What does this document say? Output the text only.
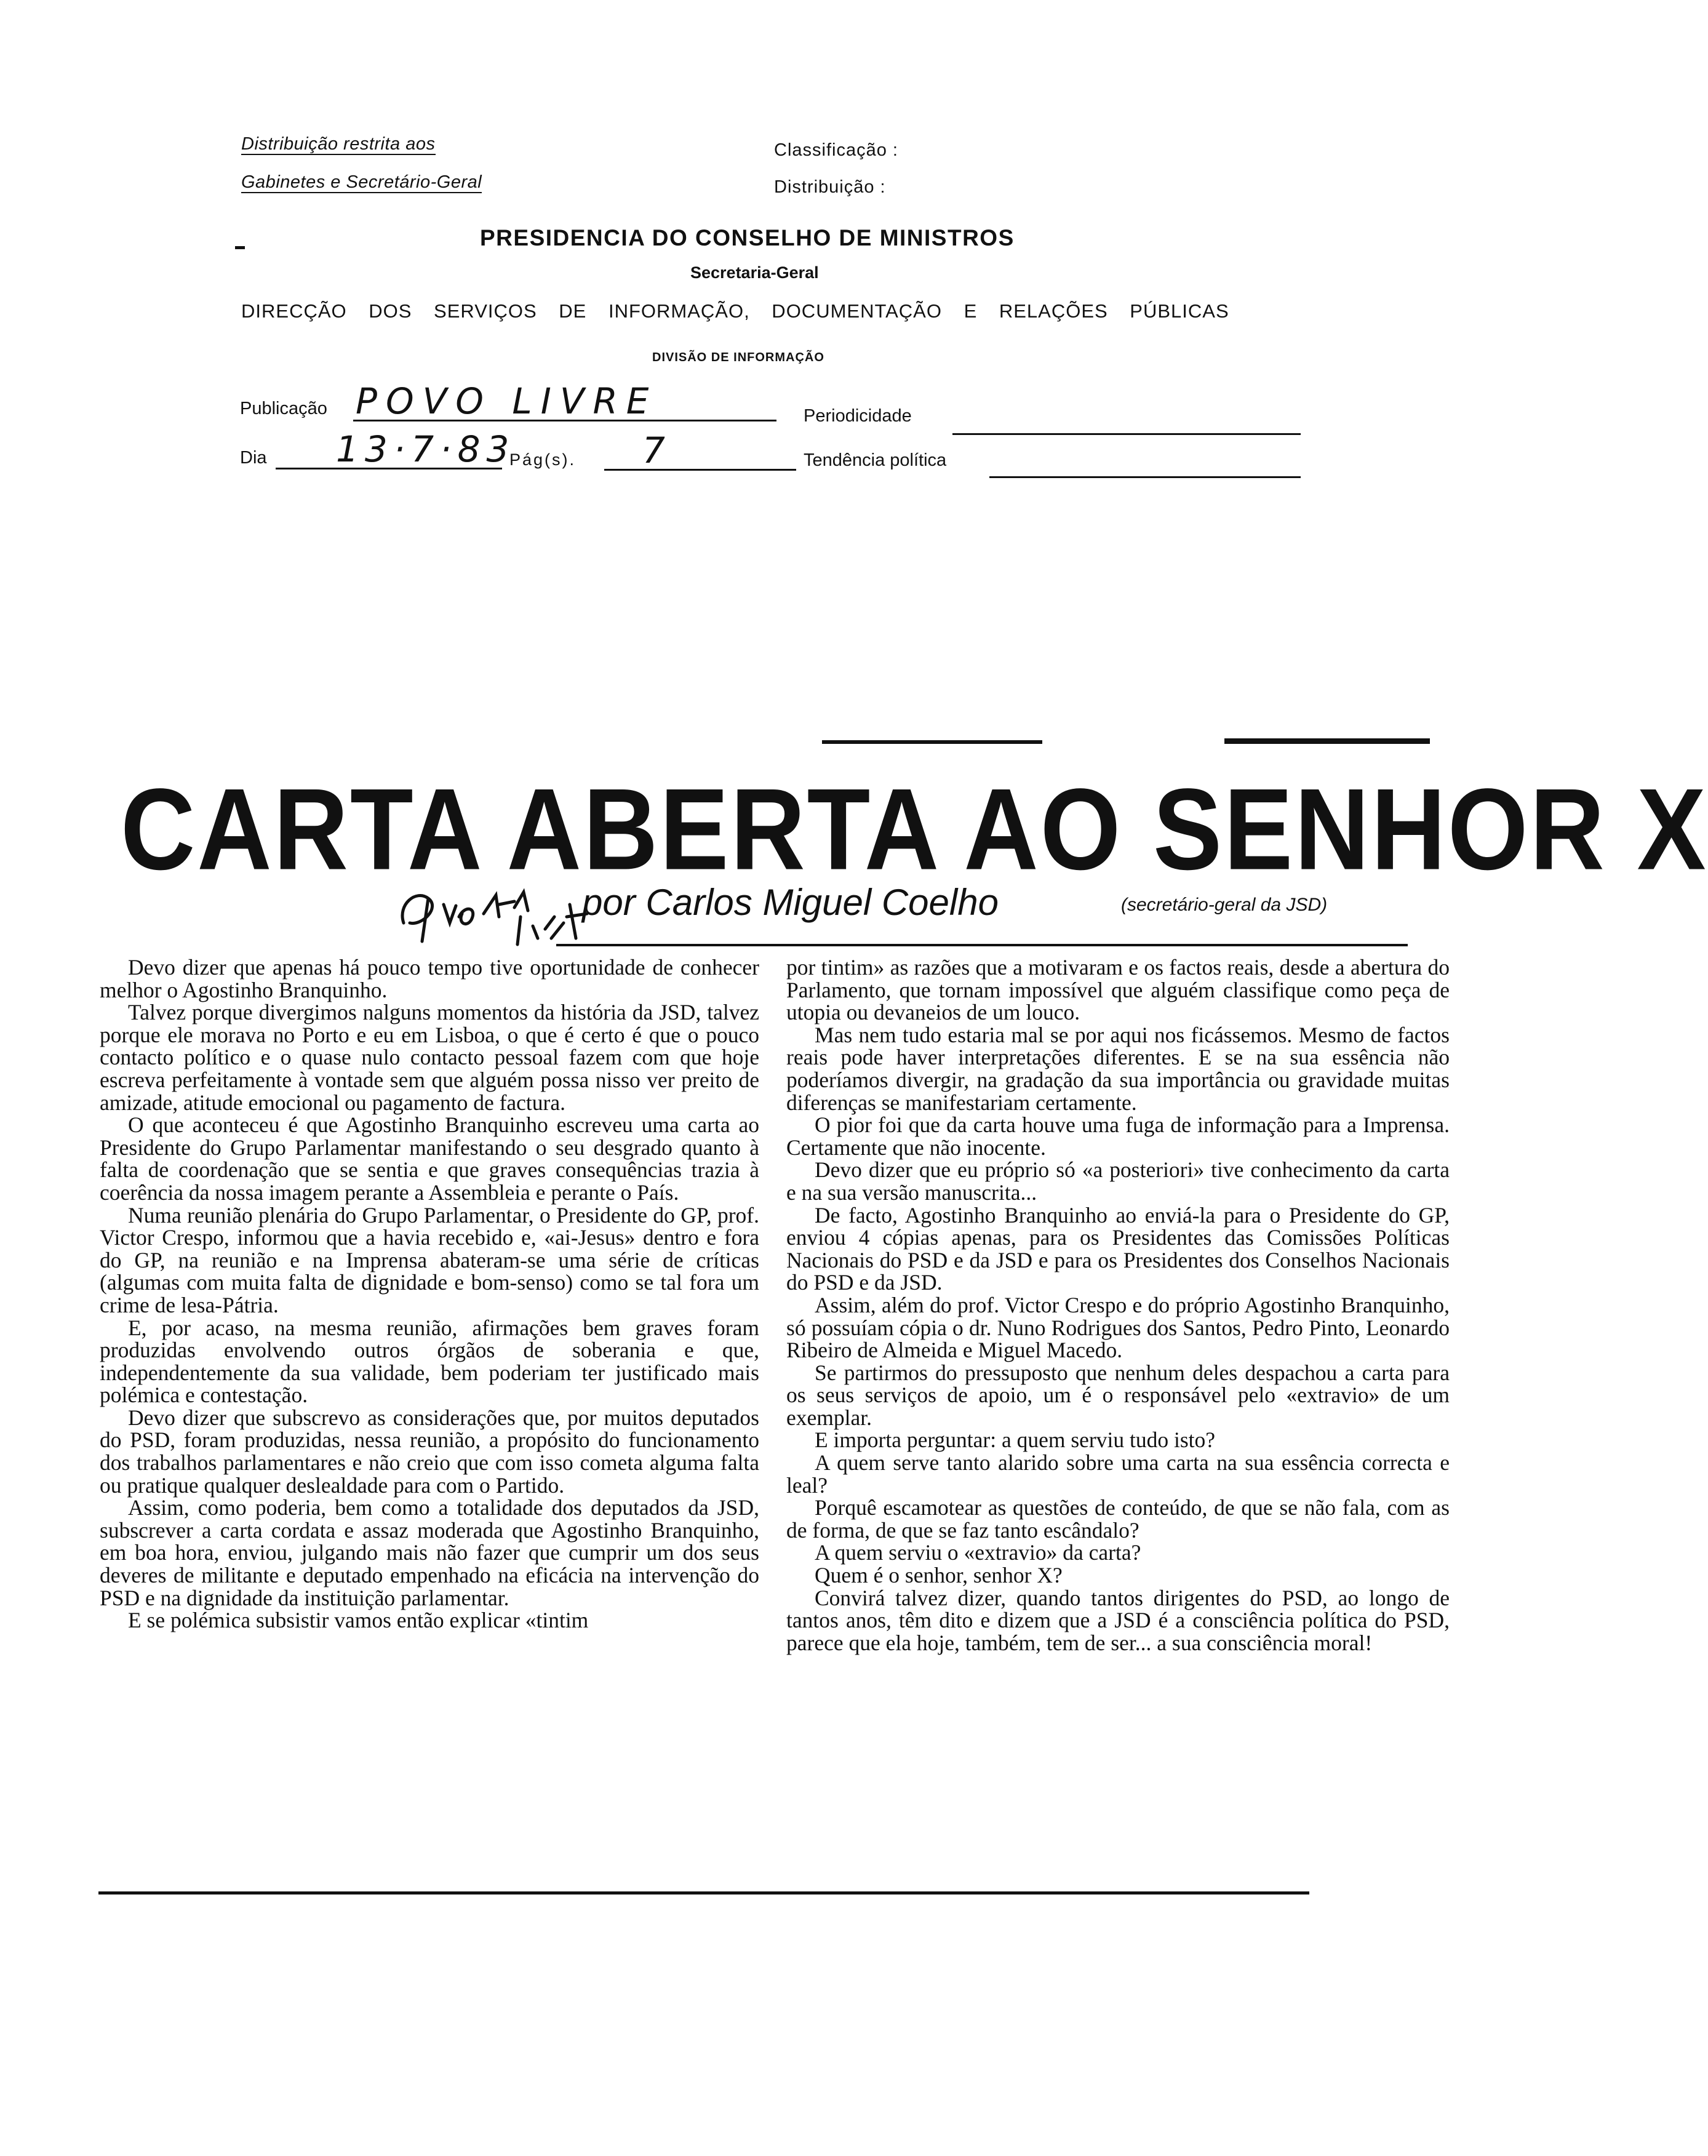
Distribuição restrita aos
Gabinetes e Secretário-Geral
Classificação :
Distribuição :
PRESIDENCIA DO CONSELHO DE MINISTROS
Secretaria-Geral
DIRECÇÃO DOS SERVIÇOS DE INFORMAÇÃO, DOCUMENTAÇÃO E RELAÇÕES PÚBLICAS
DIVISÃO DE INFORMAÇÃO
Publicação POVO LIVRE	Periodicidade
Dia 13·7·83
Pág(s). 7	Tendência política
CARTA ABERTA AO SENHOR X
por Carlos Miguel Coelho	(secretário-geral da JSD)

Devo dizer que apenas há pouco tempo tive oportunidade de conhecer melhor o Agostinho Branquinho.

Talvez porque divergimos nalguns momentos da história da JSD, talvez porque ele morava no Porto e eu em Lisboa, o que é certo é que o pouco contacto político e o quase nulo contacto pessoal fazem com que hoje escreva perfeitamente à vontade sem que alguém possa nisso ver preito de amizade, atitude emocional ou pagamento de factura.

O que aconteceu é que Agostinho Branquinho escreveu uma carta ao Presidente do Grupo Parlamentar manifestando o seu desgrado quanto à falta de coordenação que se sentia e que graves consequências trazia à coerência da nossa imagem perante a Assembleia e perante o País.

Numa reunião plenária do Grupo Parlamentar, o Presidente do GP, prof. Victor Crespo, informou que a havia recebido e, «ai-Jesus» dentro e fora do GP, na reunião e na Imprensa abateram-se uma série de críticas (algumas com muita falta de dignidade e bom-senso) como se tal fora um crime de lesa-Pátria.

E, por acaso, na mesma reunião, afirmações bem graves foram produzidas envolvendo outros órgãos de soberania e que, independentemente da sua validade, bem poderiam ter justificado mais polémica e contestação.

Devo dizer que subscrevo as considerações que, por muitos deputados do PSD, foram produzidas, nessa reunião, a propósito do funcionamento dos trabalhos parlamentares e não creio que com isso cometa alguma falta ou pratique qualquer deslealdade para com o Partido.

Assim, como poderia, bem como a totalidade dos deputados da JSD, subscrever a carta cordata e assaz moderada que Agostinho Branquinho, em boa hora, enviou, julgando mais não fazer que cumprir um dos seus deveres de militante e deputado empenhado na eficácia na intervenção do PSD e na dignidade da instituição parlamentar.

E se polémica subsistir vamos então explicar «tintim

por tintim» as razões que a motivaram e os factos reais, desde a abertura do Parlamento, que tornam impossível que alguém classifique como peça de utopia ou devaneios de um louco.

Mas nem tudo estaria mal se por aqui nos ficássemos. Mesmo de factos reais pode haver interpretações diferentes. E se na sua essência não poderíamos divergir, na gradação da sua importância ou gravidade muitas diferenças se manifestariam certamente.

O pior foi que da carta houve uma fuga de informação para a Imprensa. Certamente que não inocente.

Devo dizer que eu próprio só «a posteriori» tive conhecimento da carta e na sua versão manuscrita...

De facto, Agostinho Branquinho ao enviá-la para o Presidente do GP, enviou 4 cópias apenas, para os Presidentes das Comissões Políticas Nacionais do PSD e da JSD e para os Presidentes dos Conselhos Nacionais do PSD e da JSD.

Assim, além do prof. Victor Crespo e do próprio Agostinho Branquinho, só possuíam cópia o dr. Nuno Rodrigues dos Santos, Pedro Pinto, Leonardo Ribeiro de Almeida e Miguel Macedo.

Se partirmos do pressuposto que nenhum deles despachou a carta para os seus serviços de apoio, um é o responsável pelo «extravio» de um exemplar.

E importa perguntar: a quem serviu tudo isto?

A quem serve tanto alarido sobre uma carta na sua essência correcta e leal?

Porquê escamotear as questões de conteúdo, de que se não fala, com as de forma, de que se faz tanto escândalo?

A quem serviu o «extravio» da carta?

Quem é o senhor, senhor X?

Convirá talvez dizer, quando tantos dirigentes do PSD, ao longo de tantos anos, têm dito e dizem que a JSD é a consciência política do PSD, parece que ela hoje, também, tem de ser... a sua consciência moral!
